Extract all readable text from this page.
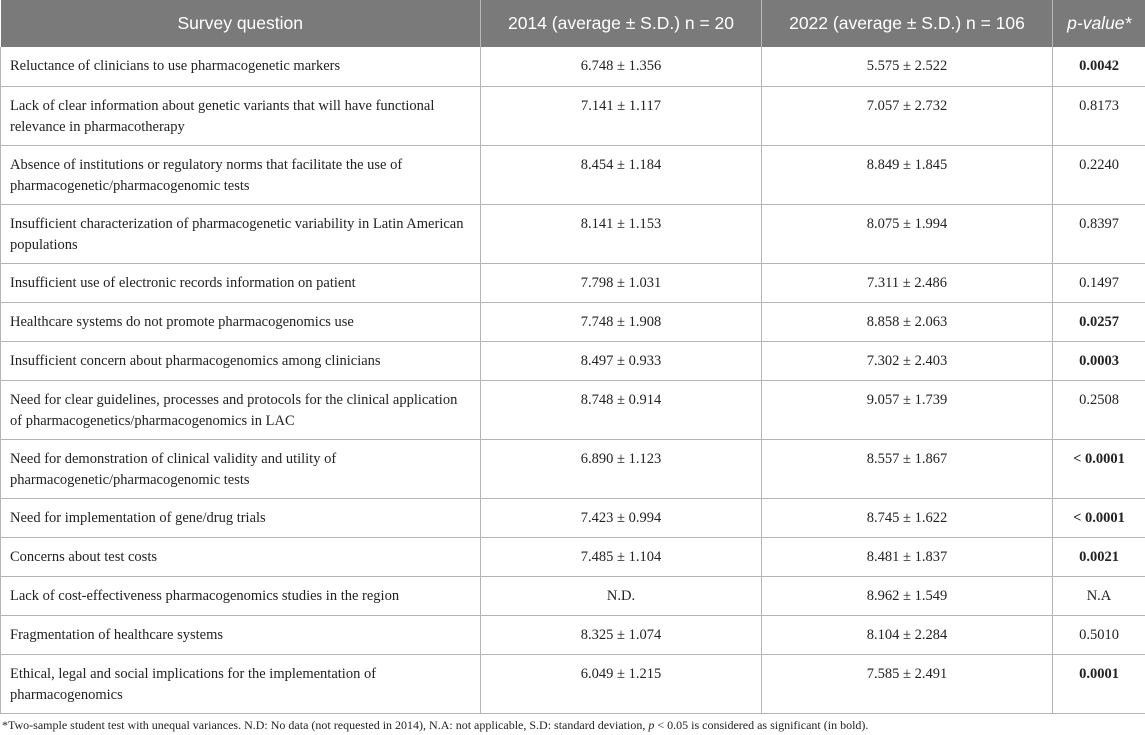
Survey question	2014 (average ± S.D.) n = 20	2022 (average ± S.D.) n = 106	p-value*
Reluctance of clinicians to use pharmacogenetic markers	6.748 ± 1.356	5.575 ± 2.522	0.0042
Lack of clear information about genetic variants that will have functional relevance in pharmacotherapy	7.141 ± 1.117	7.057 ± 2.732	0.8173
Absence of institutions or regulatory norms that facilitate the use of pharmacogenetic/pharmacogenomic tests	8.454 ± 1.184	8.849 ± 1.845	0.2240
Insufficient characterization of pharmacogenetic variability in Latin American populations	8.141 ± 1.153	8.075 ± 1.994	0.8397
Insufficient use of electronic records information on patient	7.798 ± 1.031	7.311 ± 2.486	0.1497
Healthcare systems do not promote pharmacogenomics use	7.748 ± 1.908	8.858 ± 2.063	0.0257
Insufficient concern about pharmacogenomics among clinicians	8.497 ± 0.933	7.302 ± 2.403	0.0003
Need for clear guidelines, processes and protocols for the clinical application of pharmacogenetics/pharmacogenomics in LAC	8.748 ± 0.914	9.057 ± 1.739	0.2508
Need for demonstration of clinical validity and utility of pharmacogenetic/pharmacogenomic tests	6.890 ± 1.123	8.557 ± 1.867	< 0.0001
Need for implementation of gene/drug trials	7.423 ± 0.994	8.745 ± 1.622	< 0.0001
Concerns about test costs	7.485 ± 1.104	8.481 ± 1.837	0.0021
Lack of cost-effectiveness pharmacogenomics studies in the region	N.D.	8.962 ± 1.549	N.A
Fragmentation of healthcare systems	8.325 ± 1.074	8.104 ± 2.284	0.5010
Ethical, legal and social implications for the implementation of pharmacogenomics	6.049 ± 1.215	7.585 ± 2.491	0.0001
*Two-sample student test with unequal variances. N.D: No data (not requested in 2014), N.A: not applicable, S.D: standard deviation, p < 0.05 is considered as significant (in bold).
